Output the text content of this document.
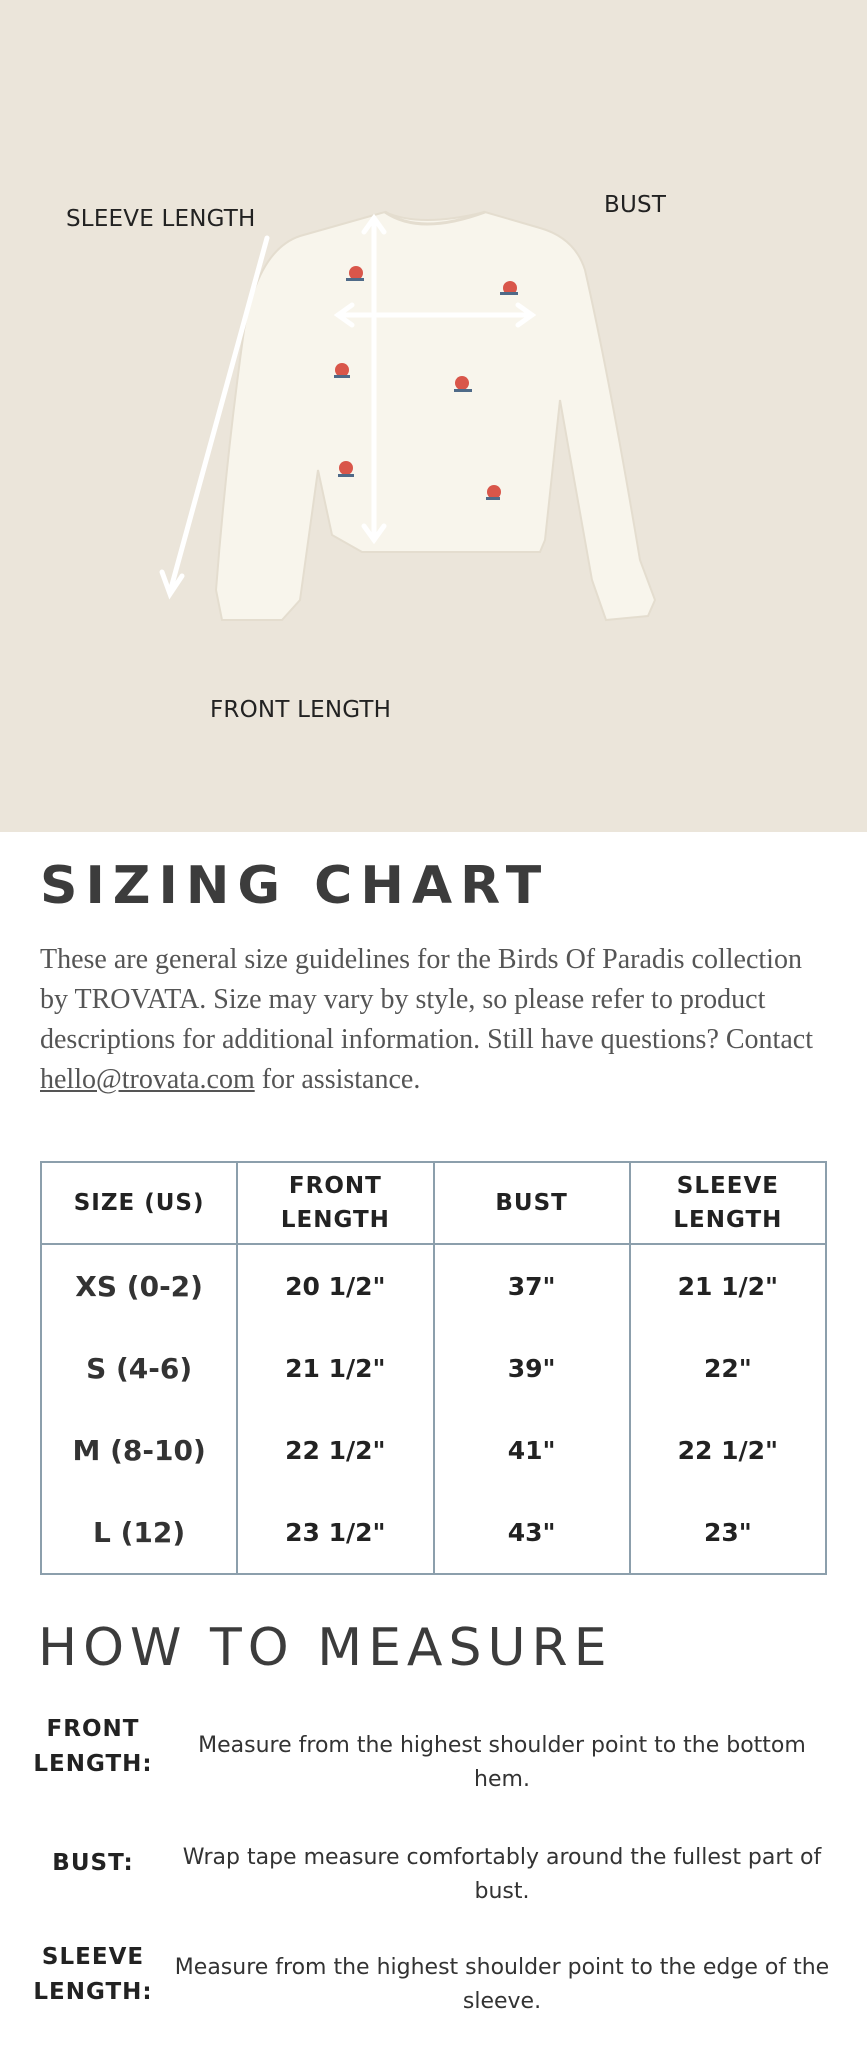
SLEEVE LENGTH
BUST
FRONT LENGTH
SIZING CHART

These are general size guidelines for the Birds Of Paradis collection by TROVATA. Size may vary by style, so please refer to product descriptions for additional information. Still have questions? Contact hello@trovata.com for assistance.

SIZE (US)	FRONT LENGTH	BUST	SLEEVE LENGTH
XS (0-2)	20 1/2"	37"	21 1/2"
S (4-6)	21 1/2"	39"	22"
M (8-10)	22 1/2"	41"	22 1/2"
L (12)	23 1/2"	43"	23"
HOW TO MEASURE
FRONT LENGTH:
Measure from the highest shoulder point to the bottom hem.
BUST:	Wrap tape measure comfortably around the fullest part of bust.
SLEEVE LENGTH:
Measure from the highest shoulder point to the edge of the sleeve.
